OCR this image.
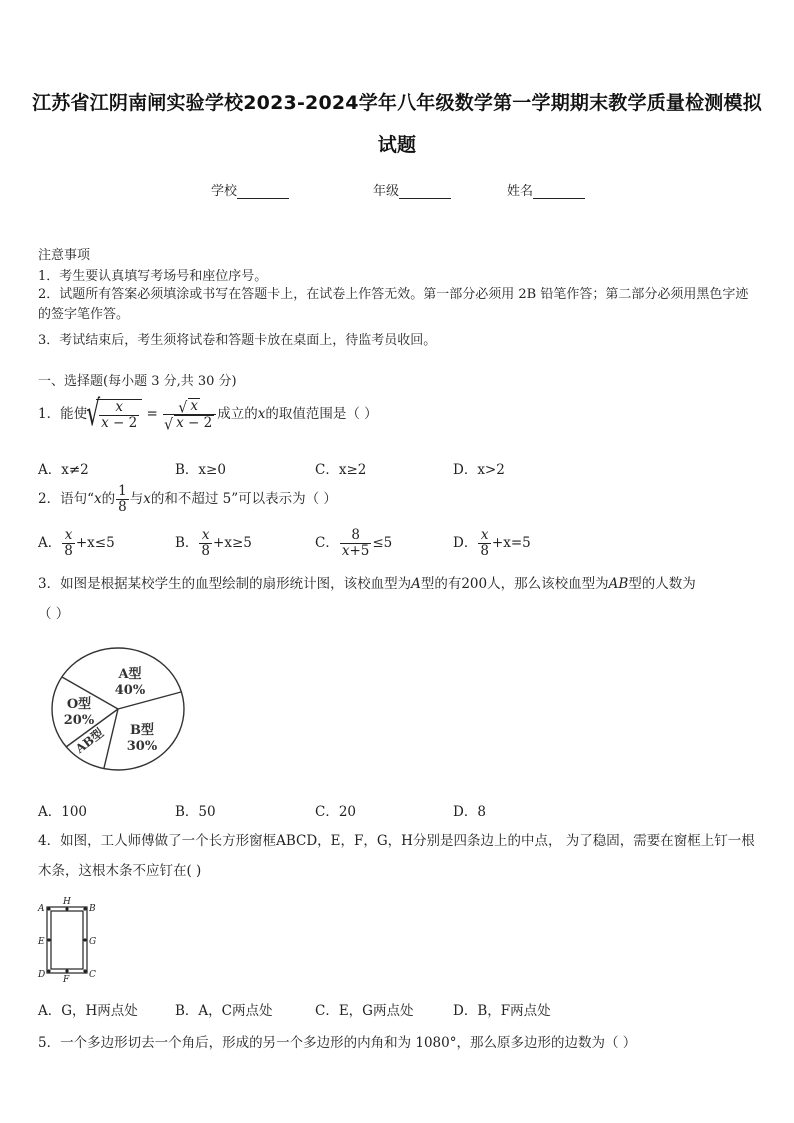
江苏省江阴南闸实验学校2023-2024学年八年级数学第一学期期末教学质量检测模拟
试题
学校	年级	姓名
注意事项
1．考生要认真填写考场号和座位序号。
2．试题所有答案必须填涂或书写在答题卡上，在试卷上作答无效。第一部分必须用 2B 铅笔作答；第二部分必须用黑色字迹的签字笔作答。
3．考试结束后，考生须将试卷和答题卡放在桌面上，待监考员收回。
一、选择题(每小题 3 分,共 30 分)
1．能使 √ $\frac{x}{x - 2}$ = √ x
√ x − 2 成立的x的取值范围是（ ）
A．x≠2	B．x≥0	C．x≥2	D．x>2
2．语句“x的 $\frac{1}{8}$ 与x的和不超过 5”可以表示为（ ）
A． $\frac{x}{8} +x\le 5$	B． $\frac{x}{8} +x\ge 5$	C． $\frac{8}{x+5} \le 5$	D． $\frac{x}{8} +x=5$
3．如图是根据某校学生的血型绘制的扇形统计图，该校血型为A型的有200人，那么该校血型为AB型的人数为
（ ）
A型
40%
B型
30%
O型
20%
AB型
A．100	B．50	C．20	D．8
4．如图，工人师傅做了一个长方形窗框ABCD，E，F，G，H分别是四条边上的中点， 为了稳固，需要在窗框上钉一根木条，这根木条不应钉在( )
A	B
C
D
H
F
E	G
A．G，H两点处	B．A，C两点处	C．E，G两点处	D．B，F两点处
5．一个多边形切去一个角后，形成的另一个多边形的内角和为 1080°，那么原多边形的边数为（ ）
